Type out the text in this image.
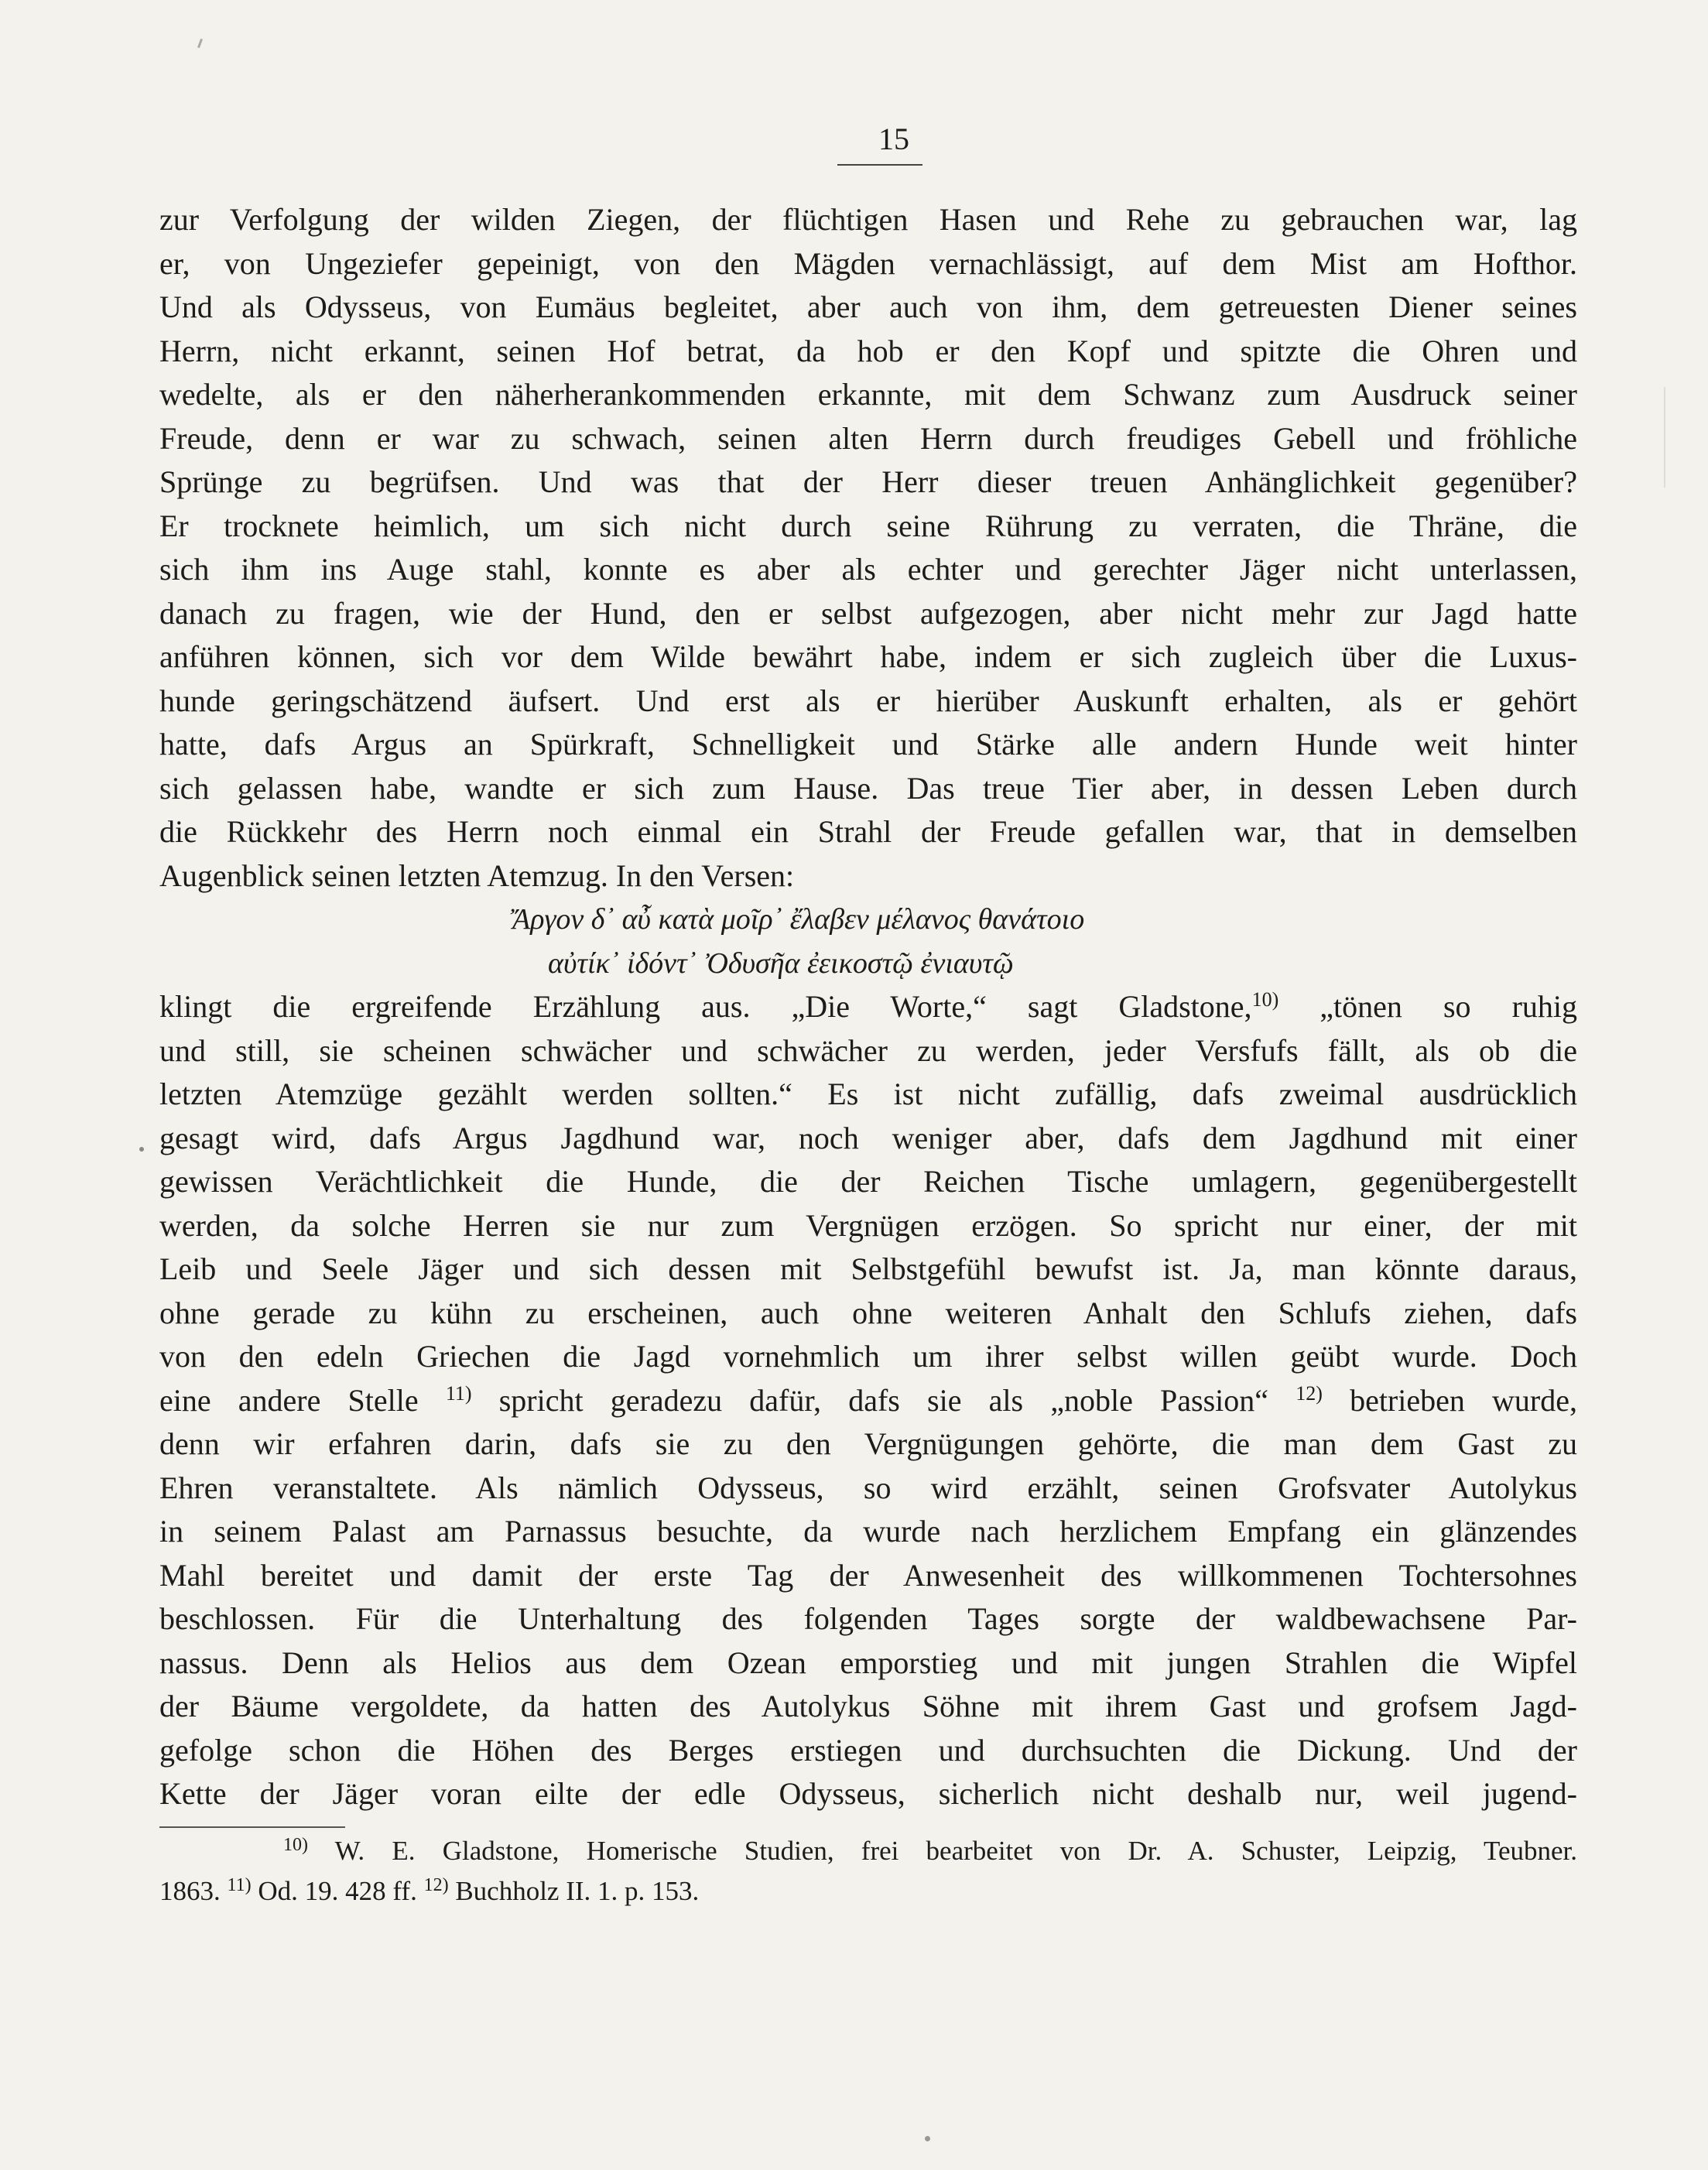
15
zur Verfolgung der wilden Ziegen, der flüchtigen Hasen und Rehe zu gebrauchen war, lag
er, von Ungeziefer gepeinigt, von den Mägden vernachlässigt, auf dem Mist am Hofthor.
Und als Odysseus, von Eumäus begleitet, aber auch von ihm, dem getreuesten Diener seines
Herrn, nicht erkannt, seinen Hof betrat, da hob er den Kopf und spitzte die Ohren und
wedelte, als er den näherherankommenden erkannte, mit dem Schwanz zum Ausdruck seiner
Freude, denn er war zu schwach, seinen alten Herrn durch freudiges Gebell und fröhliche
Sprünge zu begrüfsen. Und was that der Herr dieser treuen Anhänglichkeit gegenüber?
Er trocknete heimlich, um sich nicht durch seine Rührung zu verraten, die Thräne, die
sich ihm ins Auge stahl, konnte es aber als echter und gerechter Jäger nicht unterlassen,
danach zu fragen, wie der Hund, den er selbst aufgezogen, aber nicht mehr zur Jagd hatte
anführen können, sich vor dem Wilde bewährt habe, indem er sich zugleich über die Luxus-
hunde geringschätzend äufsert. Und erst als er hierüber Auskunft erhalten, als er gehört
hatte, dafs Argus an Spürkraft, Schnelligkeit und Stärke alle andern Hunde weit hinter
sich gelassen habe, wandte er sich zum Hause. Das treue Tier aber, in dessen Leben durch
die Rückkehr des Herrn noch einmal ein Strahl der Freude gefallen war, that in demselben
Augenblick seinen letzten Atemzug. In den Versen:
Ἄργον δ᾿ αὖ κατὰ μοῖρ᾿ ἔλαβεν μέλανος θανάτοιο
αὐτίκ᾿ ἰδόντ᾿ Ὀδυσῆα ἐεικοστῷ ἐνιαυτῷ
klingt die ergreifende Erzählung aus. „Die Worte,“ sagt Gladstone,$^{10)}$ „tönen so ruhig
und still, sie scheinen schwächer und schwächer zu werden, jeder Versfufs fällt, als ob die
letzten Atemzüge gezählt werden sollten.“ Es ist nicht zufällig, dafs zweimal ausdrücklich
gesagt wird, dafs Argus Jagdhund war, noch weniger aber, dafs dem Jagdhund mit einer
gewissen Verächtlichkeit die Hunde, die der Reichen Tische umlagern, gegenübergestellt
werden, da solche Herren sie nur zum Vergnügen erzögen. So spricht nur einer, der mit
Leib und Seele Jäger und sich dessen mit Selbstgefühl bewufst ist. Ja, man könnte daraus,
ohne gerade zu kühn zu erscheinen, auch ohne weiteren Anhalt den Schlufs ziehen, dafs
von den edeln Griechen die Jagd vornehmlich um ihrer selbst willen geübt wurde. Doch
eine andere Stelle $^{11)}$ spricht geradezu dafür, dafs sie als „noble Passion“ $^{12)}$ betrieben wurde,
denn wir erfahren darin, dafs sie zu den Vergnügungen gehörte, die man dem Gast zu
Ehren veranstaltete. Als nämlich Odysseus, so wird erzählt, seinen Grofsvater Autolykus
in seinem Palast am Parnassus besuchte, da wurde nach herzlichem Empfang ein glänzendes
Mahl bereitet und damit der erste Tag der Anwesenheit des willkommenen Tochtersohnes
beschlossen. Für die Unterhaltung des folgenden Tages sorgte der waldbewachsene Par-
nassus. Denn als Helios aus dem Ozean emporstieg und mit jungen Strahlen die Wipfel
der Bäume vergoldete, da hatten des Autolykus Söhne mit ihrem Gast und grofsem Jagd-
gefolge schon die Höhen des Berges erstiegen und durchsuchten die Dickung. Und der
Kette der Jäger voran eilte der edle Odysseus, sicherlich nicht deshalb nur, weil jugend-
$^{10)}$ W. E. Gladstone, Homerische Studien, frei bearbeitet von Dr. A. Schuster, Leipzig, Teubner.
1863. $^{11)}$ Od. 19. 428 ff. $^{12)}$ Buchholz II. 1. p. 153.
